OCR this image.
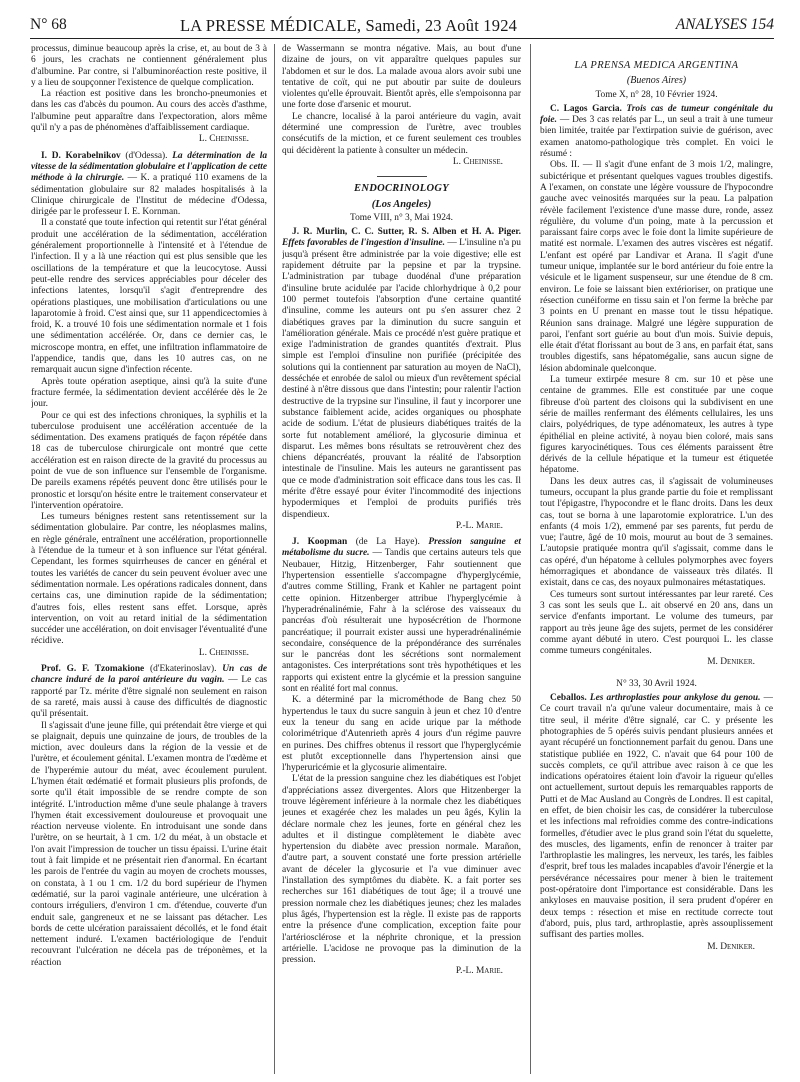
N° 68	LA PRESSE MÉDICALE, Samedi, 23 Août 1924	ANALYSES 154

processus, diminue beaucoup après la crise, et, au bout de 3 à 6 jours, les crachats ne contiennent généralement plus d'albumine. Par contre, si l'albuminoréaction reste positive, il y a lieu de soupçonner l'existence de quelque complication.

La réaction est positive dans les broncho-pneumonies et dans les cas d'abcès du poumon. Au cours des accès d'asthme, l'albumine peut apparaître dans l'expectoration, alors même qu'il n'y a pas de phénomènes d'affaiblissement cardiaque.

L. Cheinisse.

I. D. Korabelnikov (d'Odessa). La détermination de la vitesse de la sédimentation globulaire et l'application de cette méthode à la chirurgie. — K. a pratiqué 110 examens de la sédimentation globulaire sur 82 malades hospitalisés à la Clinique chirurgicale de l'Institut de médecine d'Odessa, dirigée par le professeur I. E. Kornman.

Il a constaté que toute infection qui retentit sur l'état général produit une accélération de la sédimentation, accélération généralement proportionnelle à l'intensité et à l'étendue de l'infection. Il y a là une réaction qui est plus sensible que les oscillations de la température et que la leucocytose. Aussi peut-elle rendre des services appréciables pour déceler des infections latentes, lorsqu'il s'agit d'entreprendre des opérations plastiques, une mobilisation d'articulations ou une laparotomie à froid. C'est ainsi que, sur 11 appendicectomies à froid, K. a trouvé 10 fois une sédimentation normale et 1 fois une sédimentation accélérée. Or, dans ce dernier cas, le microscope montra, en effet, une infiltration inflammatoire de l'appendice, tandis que, dans les 10 autres cas, on ne remarquait aucun signe d'infection récente.

Après toute opération aseptique, ainsi qu'à la suite d'une fracture fermée, la sédimentation devient accélérée dès le 2e jour.

Pour ce qui est des infections chroniques, la syphilis et la tuberculose produisent une accélération accentuée de la sédimentation. Des examens pratiqués de façon répétée dans 18 cas de tuberculose chirurgicale ont montré que cette accélération est en raison directe de la gravité du processus au point de vue de son influence sur l'ensemble de l'organisme. De pareils examens répétés peuvent donc être utilisés pour le pronostic et lorsqu'on hésite entre le traitement conservateur et l'intervention opératoire.

Les tumeurs bénignes restent sans retentissement sur la sédimentation globulaire. Par contre, les néoplasmes malins, en règle générale, entraînent une accélération, proportionnelle à l'étendue de la tumeur et à son influence sur l'état général. Cependant, les formes squirrheuses de cancer en général et toutes les variétés de cancer du sein peuvent évoluer avec une sédimentation normale. Les opérations radicales donnent, dans certains cas, une diminution rapide de la sédimentation; d'autres fois, elles restent sans effet. Lorsque, après intervention, on voit au retard initial de la sédimentation succéder une accélération, on doit envisager l'éventualité d'une récidive.

L. Cheinisse.

Prof. G. F. Tzomakione (d'Ekaterinoslav). Un cas de chancre induré de la paroi antérieure du vagin. — Le cas rapporté par Tz. mérite d'être signalé non seulement en raison de sa rareté, mais aussi à cause des difficultés de diagnostic qu'il présentait.

Il s'agissait d'une jeune fille, qui prétendait être vierge et qui se plaignait, depuis une quinzaine de jours, de troubles de la miction, avec douleurs dans la région de la vessie et de l'urètre, et écoulement génital. L'examen montra de l'œdème et de l'hyperémie autour du méat, avec écoulement purulent. L'hymen était œdématié et formait plusieurs plis profonds, de sorte qu'il était impossible de se rendre compte de son intégrité. L'introduction même d'une seule phalange à travers l'hymen était excessivement douloureuse et provoquait une réaction nerveuse violente. En introduisant une sonde dans l'urètre, on se heurtait, à 1 cm. 1/2 du méat, à un obstacle et l'on avait l'impression de toucher un tissu épaissi. L'urine était tout à fait limpide et ne présentait rien d'anormal. En écartant les parois de l'entrée du vagin au moyen de crochets mousses, on constata, à 1 ou 1 cm. 1/2 du bord supérieur de l'hymen œdématié, sur la paroi vaginale antérieure, une ulcération à contours irréguliers, d'environ 1 cm. d'étendue, couverte d'un enduit sale, gangreneux et ne se laissant pas détacher. Les bords de cette ulcération paraissaient décollés, et le fond était nettement induré. L'examen bactériologique de l'enduit recouvrant l'ulcération ne décela pas de tréponèmes, et la réaction

de Wassermann se montra négative. Mais, au bout d'une dizaine de jours, on vit apparaître quelques papules sur l'abdomen et sur le dos. La malade avoua alors avoir subi une tentative de coït, qui ne put aboutir par suite de douleurs violentes qu'elle éprouvait. Bientôt après, elle s'empoisonna par une forte dose d'arsenic et mourut.

Le chancre, localisé à la paroi antérieure du vagin, avait déterminé une compression de l'urètre, avec troubles consécutifs de la miction, et ce furent seulement ces troubles qui décidèrent la patiente à consulter un médecin.

L. Cheinisse.

ENDOCRINOLOGY

(Los Angeles)

Tome VIII, n° 3, Mai 1924.

J. R. Murlin, C. C. Sutter, R. S. Alben et H. A. Piger. Effets favorables de l'ingestion d'insuline. — L'insuline n'a pu jusqu'à présent être administrée par la voie digestive; elle est rapidement détruite par la pepsine et par la trypsine. L'administration par tubage duodénal d'une préparation d'insuline brute acidulée par l'acide chlorhydrique à 0,2 pour 100 permet toutefois l'absorption d'une certaine quantité d'insuline, comme les auteurs ont pu s'en assurer chez 2 diabétiques graves par la diminution du sucre sanguin et l'amélioration générale. Mais ce procédé n'est guère pratique et exige l'administration de grandes quantités d'extrait. Plus simple est l'emploi d'insuline non purifiée (précipitée des solutions qui la contiennent par saturation au moyen de NaCl), desséchée et enrobée de salol ou mieux d'un revêtement spécial destiné à n'être dissous que dans l'intestin; pour ralentir l'action destructive de la trypsine sur l'insuline, il faut y incorporer une substance faiblement acide, acides organiques ou phosphate acide de sodium. L'état de plusieurs diabétiques traités de la sorte fut notablement amélioré, la glycosurie diminua et disparut. Les mêmes bons résultats se retrouvèrent chez des chiens dépancréatés, prouvant la réalité de l'absorption intestinale de l'insuline. Mais les auteurs ne garantissent pas que ce mode d'administration soit efficace dans tous les cas. Il mérite d'être essayé pour éviter l'incommodité des injections hypodermiques et l'emploi de produits purifiés très dispendieux.

P.-L. Marie.

J. Koopman (de La Haye). Pression sanguine et métabolisme du sucre. — Tandis que certains auteurs tels que Neubauer, Hitzig, Hitzenberger, Fahr soutiennent que l'hypertension essentielle s'accompagne d'hyperglycémie, d'autres comme Stilling, Frank et Kahler ne partagent point cette opinion. Hitzenberger attribue l'hyperglycémie à l'hyperadrénalinémie, Fahr à la sclérose des vaisseaux du pancréas d'où résulterait une hyposécrétion de l'hormone pancréatique; il pourrait exister aussi une hyperadrénalinémie secondaire, conséquence de la prépondérance des surrénales sur le pancréas dont les sécrétions sont normalement antagonistes. Ces interprétations sont très hypothétiques et les rapports qui existent entre la glycémie et la pression sanguine sont en réalité fort mal connus.

K. a déterminé par la microméthode de Bang chez 50 hypertendus le taux du sucre sanguin à jeun et chez 10 d'entre eux la teneur du sang en acide urique par la méthode colorimétrique d'Autenrieth après 4 jours d'un régime pauvre en purines. Des chiffres obtenus il ressort que l'hyperglycémie est plutôt exceptionnelle dans l'hypertension ainsi que l'hyperuricémie et la glycosurie alimentaire.

L'état de la pression sanguine chez les diabétiques est l'objet d'appréciations assez divergentes. Alors que Hitzenberger la trouve légèrement inférieure à la normale chez les diabétiques jeunes et exagérée chez les malades un peu âgés, Kylin la déclare normale chez les jeunes, forte en général chez les adultes et il distingue complètement le diabète avec hypertension du diabète avec pression normale. Marañon, d'autre part, a souvent constaté une forte pression artérielle avant de déceler la glycosurie et l'a vue diminuer avec l'installation des symptômes du diabète. K. a fait porter ses recherches sur 161 diabétiques de tout âge; il a trouvé une pression normale chez les diabétiques jeunes; chez les malades plus âgés, l'hypertension est la règle. Il existe pas de rapports entre la présence d'une complication, exception faite pour l'artériosclérose et la néphrite chronique, et la pression artérielle. L'acidose ne provoque pas la diminution de la pression.

P.-L. Marie.

LA PRENSA MEDICA ARGENTINA

(Buenos Aires)

Tome X, n° 28, 10 Février 1924.

C. Lagos Garcia. Trois cas de tumeur congénitale du foie. — Des 3 cas relatés par L., un seul a trait à une tumeur bien limitée, traitée par l'extirpation suivie de guérison, avec examen anatomo-pathologique très complet. En voici le résumé :

Obs. II. — Il s'agit d'une enfant de 3 mois 1/2, malingre, subictérique et présentant quelques vagues troubles digestifs. A l'examen, on constate une légère voussure de l'hypocondre gauche avec veinosités marquées sur la peau. La palpation révèle facilement l'existence d'une masse dure, ronde, assez régulière, du volume d'un poing, mate à la percussion et paraissant faire corps avec le foie dont la limite supérieure de matité est normale. L'examen des autres viscères est négatif. L'enfant est opéré par Landivar et Arana. Il s'agit d'une tumeur unique, implantée sur le bord antérieur du foie entre la vésicule et le ligament suspenseur, sur une étendue de 8 cm. environ. Le foie se laissant bien extérioriser, on pratique une résection cunéiforme en tissu sain et l'on ferme la brèche par 3 points en U prenant en masse tout le tissu hépatique. Réunion sans drainage. Malgré une légère suppuration de paroi, l'enfant sort guérie au bout d'un mois. Suivie depuis, elle était d'état florissant au bout de 3 ans, en parfait état, sans troubles digestifs, sans hépatomégalie, sans aucun signe de lésion abdominale quelconque.

La tumeur extirpée mesure 8 cm. sur 10 et pèse une centaine de grammes. Elle est constituée par une coque fibreuse d'où partent des cloisons qui la subdivisent en une série de mailles renfermant des éléments cellulaires, les uns clairs, polyédriques, de type adénomateux, les autres à type épithélial en pleine activité, à noyau bien coloré, mais sans figures karyocinétiques. Tous ces éléments paraissent être dérivés de la cellule hépatique et la tumeur est étiquetée hépatome.

Dans les deux autres cas, il s'agissait de volumineuses tumeurs, occupant la plus grande partie du foie et remplissant tout l'épigastre, l'hypocondre et le flanc droits. Dans les deux cas, tout se borna à une laparotomie exploratrice. L'un des enfants (4 mois 1/2), emmené par ses parents, fut perdu de vue; l'autre, âgé de 10 mois, mourut au bout de 3 semaines. L'autopsie pratiquée montra qu'il s'agissait, comme dans le cas opéré, d'un hépatome à cellules polymorphes avec foyers hémorragiques et abondance de vaisseaux très dilatés. Il existait, dans ce cas, des noyaux pulmonaires métastatiques.

Ces tumeurs sont surtout intéressantes par leur rareté. Ces 3 cas sont les seuls que L. ait observé en 20 ans, dans un service d'enfants important. Le volume des tumeurs, par rapport au très jeune âge des sujets, permet de les considérer comme ayant débuté in utero. C'est pourquoi L. les classe comme tumeurs congénitales.

M. Deniker.

N° 33, 30 Avril 1924.

Ceballos. Les arthroplasties pour ankylose du genou. — Ce court travail n'a qu'une valeur documentaire, mais à ce titre seul, il mérite d'être signalé, car C. y présente les photographies de 5 opérés suivis pendant plusieurs années et ayant récupéré un fonctionnement parfait du genou. Dans une statistique publiée en 1922, C. n'avait que 64 pour 100 de succès complets, ce qu'il attribue avec raison à ce que les indications opératoires étaient loin d'avoir la rigueur qu'elles ont actuellement, surtout depuis les remarquables rapports de Putti et de Mac Ausland au Congrès de Londres. Il est capital, en effet, de bien choisir les cas, de considérer la tuberculose et les infections mal refroidies comme des contre-indications formelles, d'étudier avec le plus grand soin l'état du squelette, des muscles, des ligaments, enfin de renoncer à traiter par l'arthroplastie les malingres, les nerveux, les tarés, les faibles d'esprit, bref tous les malades incapables d'avoir l'énergie et la persévérance nécessaires pour mener à bien le traitement post-opératoire dont l'importance est considérable. Dans les ankyloses en mauvaise position, il sera prudent d'opérer en deux temps : résection et mise en rectitude correcte tout d'abord, puis, plus tard, arthroplastie, après assouplissement suffisant des parties molles.

M. Deniker.
